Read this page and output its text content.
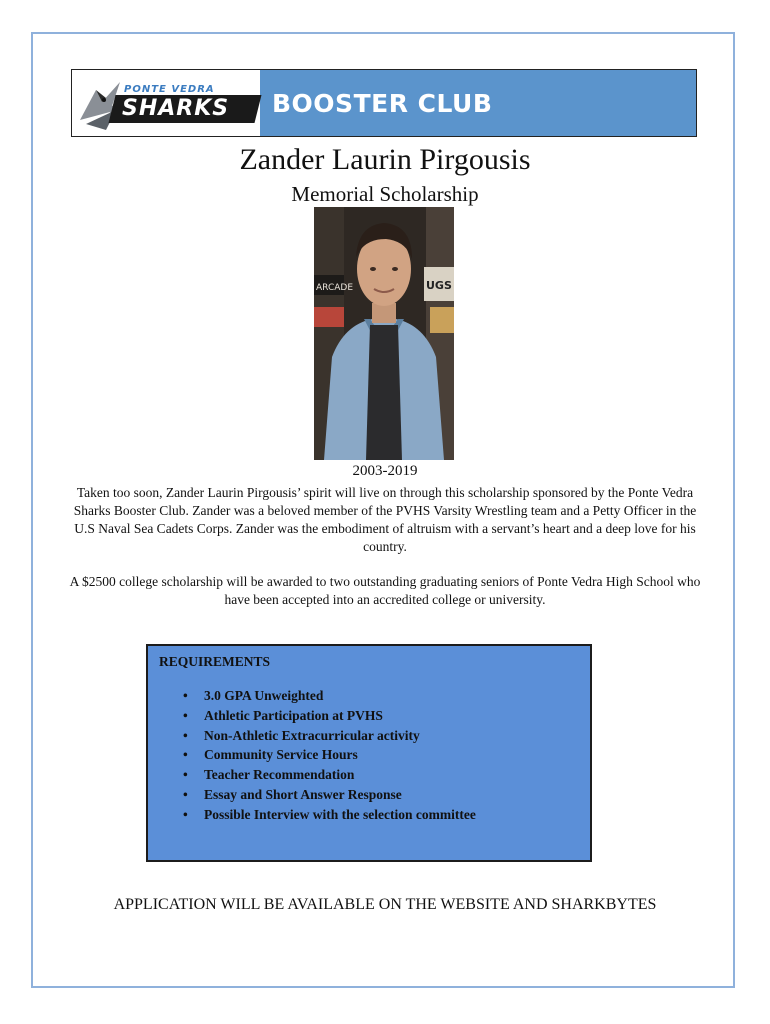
PONTE VEDRA
SHARKS BOOSTER CLUB
Zander Laurin Pirgousis
Memorial Scholarship
ARCADE	UGS
2003-2019
Taken too soon, Zander Laurin Pirgousis’ spirit will live on through this scholarship sponsored by the Ponte Vedra Sharks Booster Club. Zander was a beloved member of the PVHS Varsity Wrestling team and a Petty Officer in the U.S Naval Sea Cadets Corps. Zander was the embodiment of altruism with a servant’s heart and a deep love for his country.
A $2500 college scholarship will be awarded to two outstanding graduating seniors of Ponte Vedra High School who have been accepted into an accredited college or university.
REQUIREMENTS
• 3.0 GPA Unweighted
• Athletic Participation at PVHS
• Non-Athletic Extracurricular activity
• Community Service Hours
• Teacher Recommendation
• Essay and Short Answer Response
• Possible Interview with the selection committee
APPLICATION WILL BE AVAILABLE ON THE WEBSITE AND SHARKBYTES
